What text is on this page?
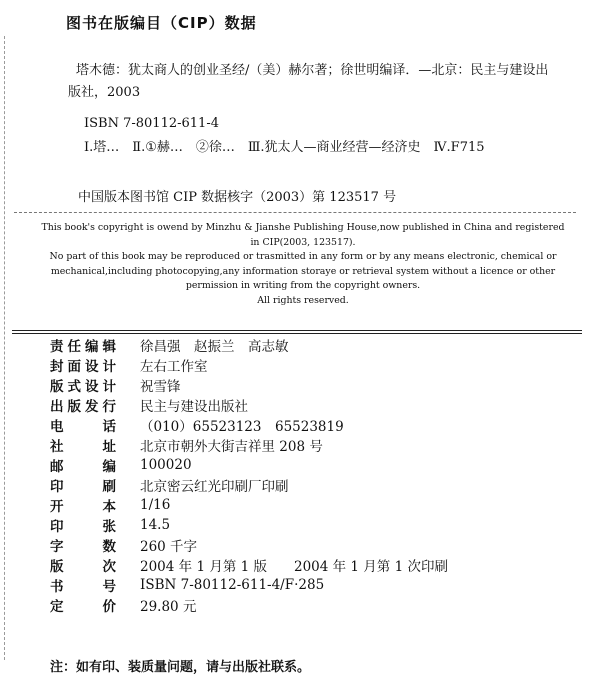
图书在版编目（CIP）数据
塔木德：犹太商人的创业圣经/（美）赫尔著；徐世明编译．—北京：民主与建设出
版社，2003
ISBN 7-80112-611-4
Ⅰ.塔…　Ⅱ.①赫…　②徐…　Ⅲ.犹太人—商业经营—经济史　Ⅳ.F715
中国版本图书馆 CIP 数据核字（2003）第 123517 号

This book's copyright is owend by Minzhu & Jianshe Publishing House,now published in China and registered in CIP(2003, 123517).

No part of this book may be reproduced or trasmitted in any form or by any means electronic, chemical or mechanical,including photocopying,any information storaye or retrieval system without a licence or other permission in writing from the copyright owners.

All rights reserved.

责任编辑	徐昌强　赵振兰　高志敏
封面设计	左右工作室
版式设计	祝雪锋
出版发行	民主与建设出版社
电话	（010）65523123　65523819
社址	北京市朝外大街吉祥里 208 号
邮编	100020
印刷	北京密云红光印刷厂印刷
开本	1/16
印张	14.5
字数	260 千字
版次	2004 年 1 月第 1 版　　2004 年 1 月第 1 次印刷
书号	ISBN 7-80112-611-4/F·285
定价	29.80 元
注：如有印、装质量问题，请与出版社联系。
